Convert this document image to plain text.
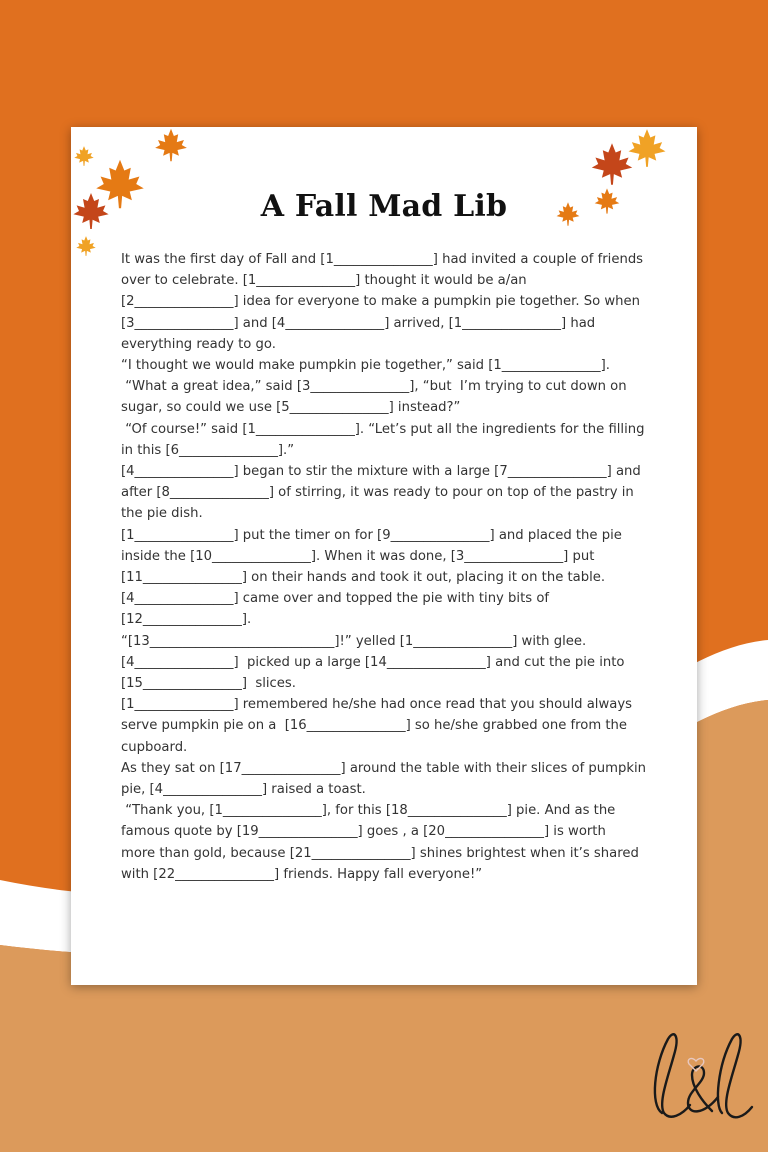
A Fall Mad Lib
It was the first day of Fall and [1_______________] had invited a couple of friends
over to celebrate. [1_______________] thought it would be a/an
[2_______________] idea for everyone to make a pumpkin pie together. So when
[3_______________] and [4_______________] arrived, [1_______________] had
everything ready to go.
“I thought we would make pumpkin pie together,” said [1_______________].
“What a great idea,” said [3_______________], “but  I’m trying to cut down on
sugar, so could we use [5_______________] instead?”
“Of course!” said [1_______________]. “Let’s put all the ingredients for the filling
in this [6_______________].”
[4_______________] began to stir the mixture with a large [7_______________] and
after [8_______________] of stirring, it was ready to pour on top of the pastry in
the pie dish.
[1_______________] put the timer on for [9_______________] and placed the pie
inside the [10_______________]. When it was done, [3_______________] put
[11_______________] on their hands and took it out, placing it on the table.
[4_______________] came over and topped the pie with tiny bits of
[12_______________].
“[13____________________________]!” yelled [1_______________] with glee.
[4_______________]  picked up a large [14_______________] and cut the pie into
[15_______________]  slices.
[1_______________] remembered he/she had once read that you should always
serve pumpkin pie on a  [16_______________] so he/she grabbed one from the
cupboard.
As they sat on [17_______________] around the table with their slices of pumpkin
pie, [4_______________] raised a toast.
“Thank you, [1_______________], for this [18_______________] pie. And as the
famous quote by [19_______________] goes , a [20_______________] is worth
more than gold, because [21_______________] shines brightest when it’s shared
with [22_______________] friends. Happy fall everyone!”
